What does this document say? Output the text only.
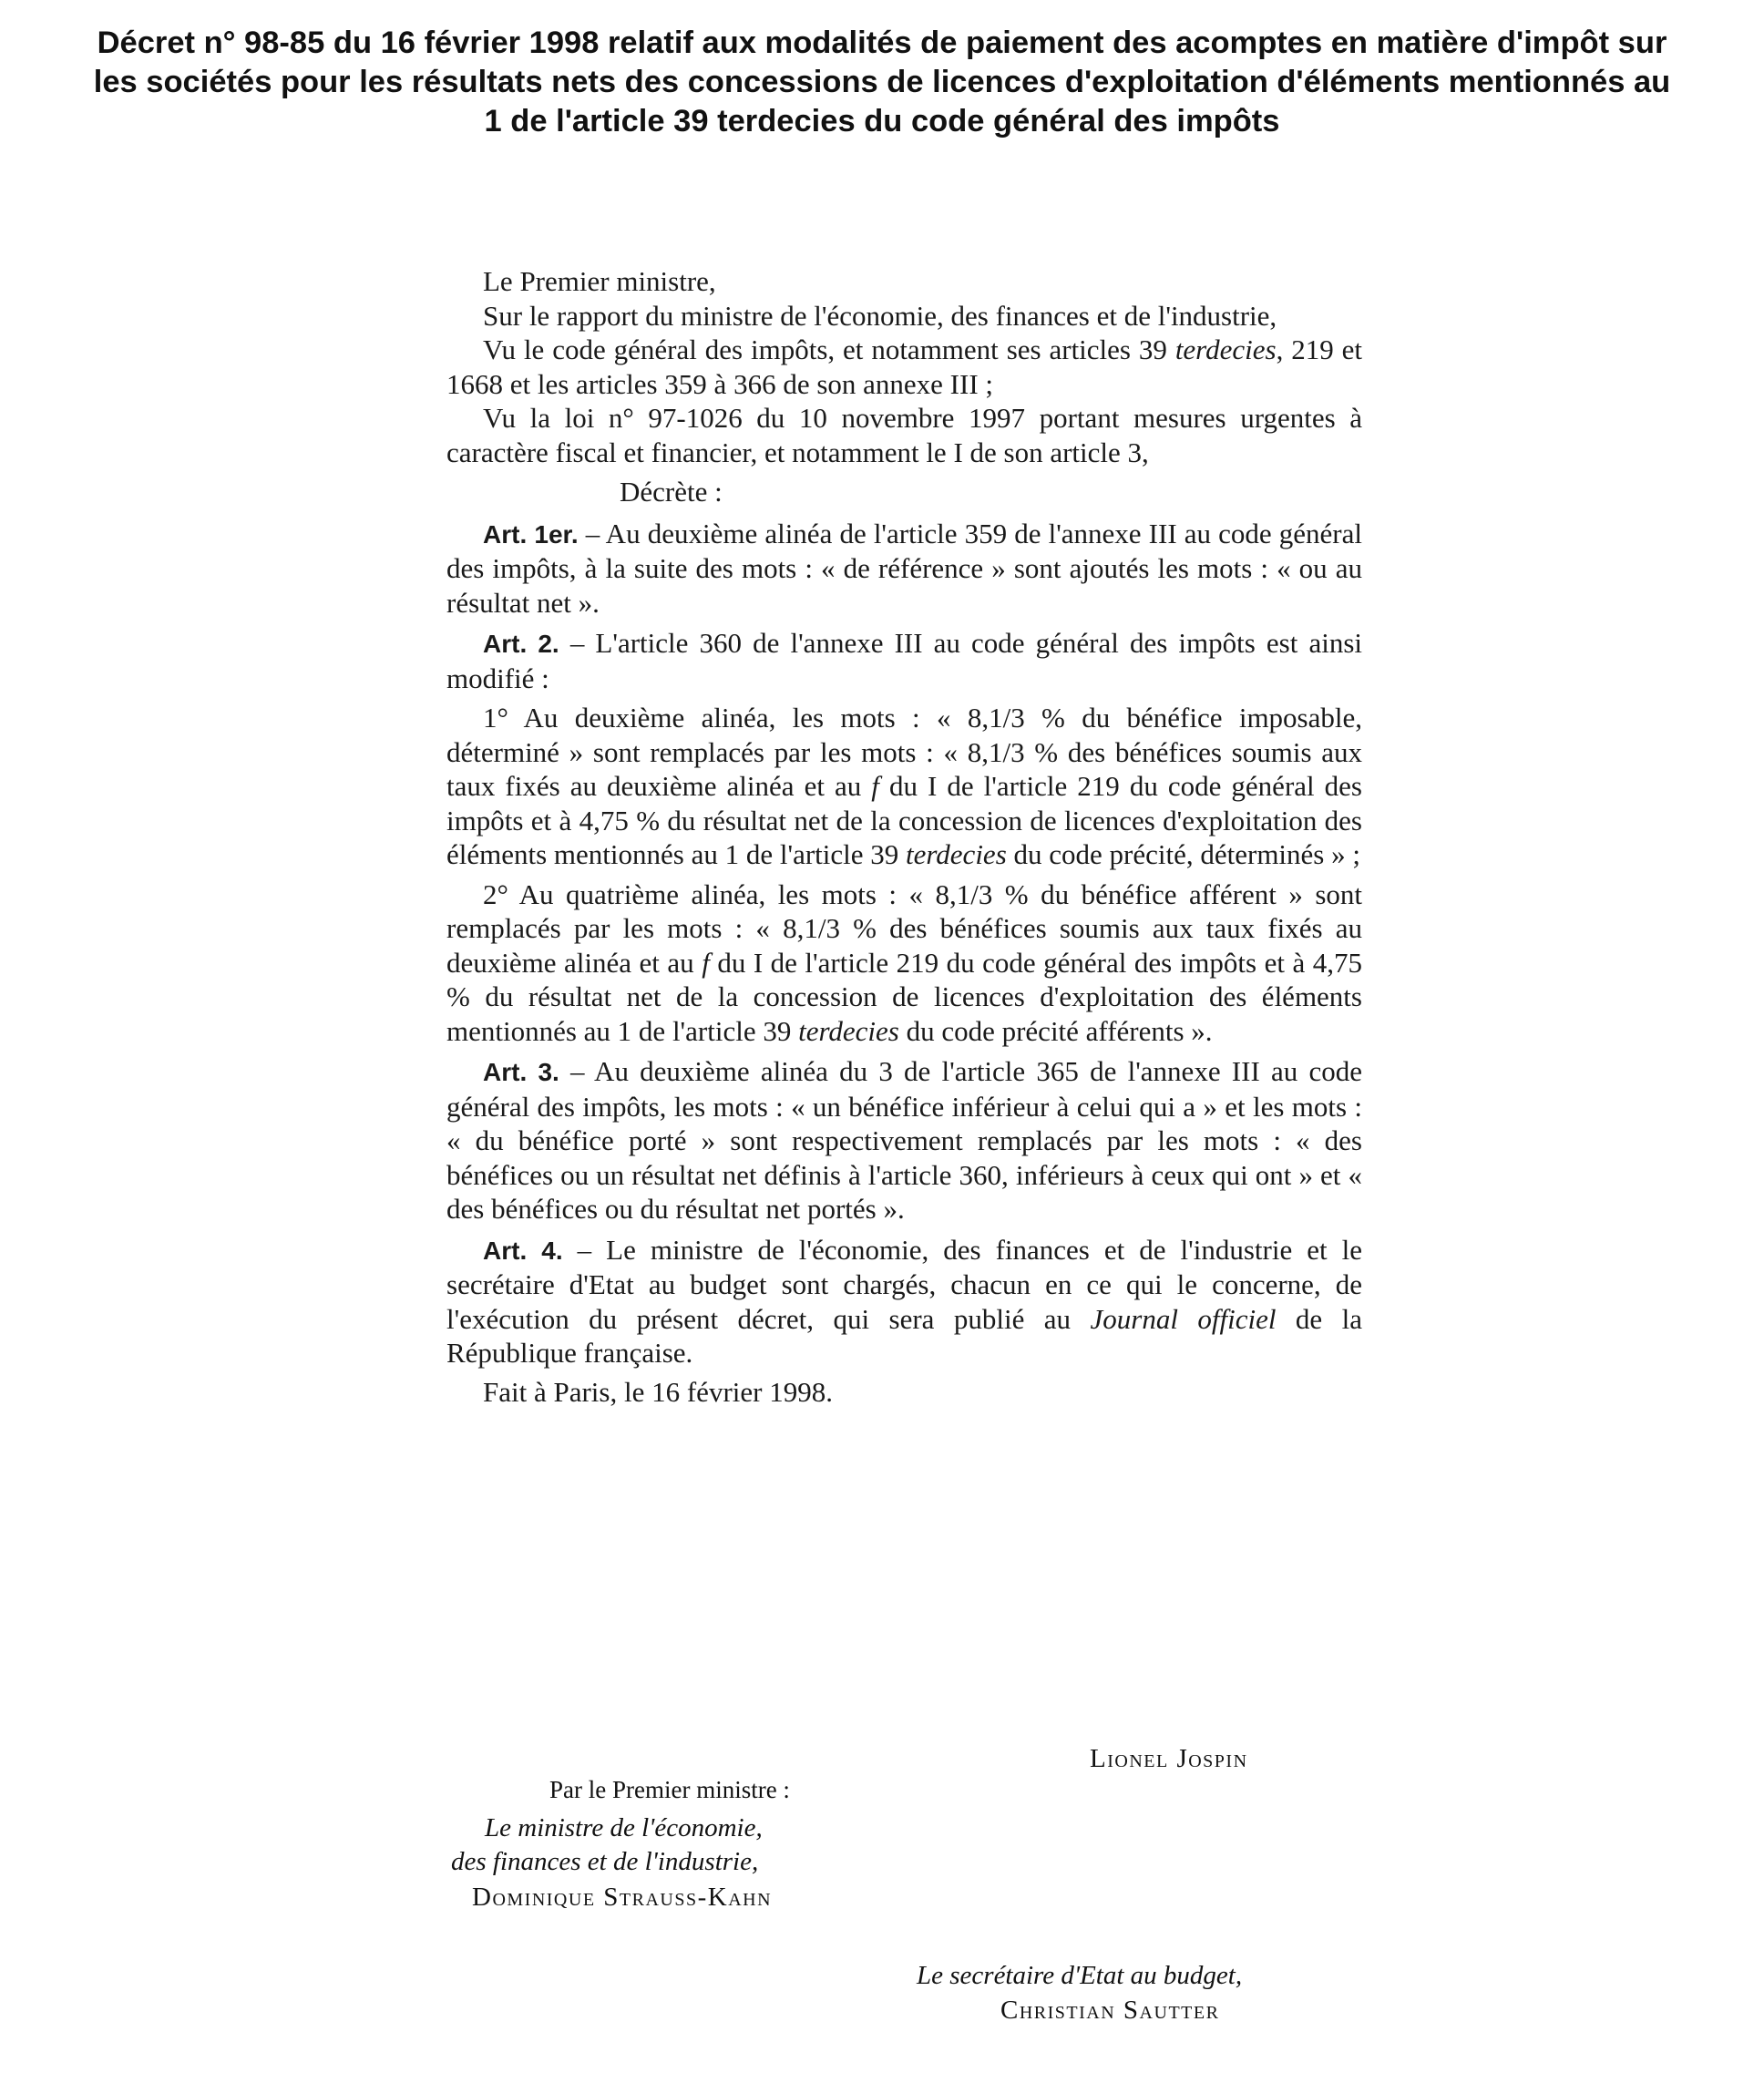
Décret n° 98-85 du 16 février 1998 relatif aux modalités de paiement des acomptes en matière d'impôt sur
les sociétés pour les résultats nets des concessions de licences d'exploitation d'éléments mentionnés au
1 de l'article 39 terdecies du code général des impôts

Le Premier ministre,

Sur le rapport du ministre de l'économie, des finances et de l'industrie,

Vu le code général des impôts, et notamment ses articles 39 terdecies, 219 et 1668 et les articles 359 à 366 de son annexe III ;

Vu la loi n° 97-1026 du 10 novembre 1997 portant mesures urgentes à caractère fiscal et financier, et notamment le I de son article 3,

Décrète :

Art. 1er. – Au deuxième alinéa de l'article 359 de l'annexe III au code général des impôts, à la suite des mots : « de référence » sont ajoutés les mots : « ou au résultat net ».

Art. 2. – L'article 360 de l'annexe III au code général des impôts est ainsi modifié :

1° Au deuxième alinéa, les mots : « 8,1/3 % du bénéfice imposable, déterminé » sont remplacés par les mots : « 8,1/3 % des bénéfices soumis aux taux fixés au deuxième alinéa et au f du I de l'article 219 du code général des impôts et à 4,75 % du résultat net de la concession de licences d'exploitation des éléments mentionnés au 1 de l'article 39 terdecies du code précité, déterminés » ;

2° Au quatrième alinéa, les mots : « 8,1/3 % du bénéfice afférent » sont remplacés par les mots : « 8,1/3 % des bénéfices soumis aux taux fixés au deuxième alinéa et au f du I de l'article 219 du code général des impôts et à 4,75 % du résultat net de la concession de licences d'exploitation des éléments mentionnés au 1 de l'article 39 terdecies du code précité afférents ».

Art. 3. – Au deuxième alinéa du 3 de l'article 365 de l'annexe III au code général des impôts, les mots : « un bénéfice inférieur à celui qui a » et les mots : « du bénéfice porté » sont respectivement remplacés par les mots : « des bénéfices ou un résultat net définis à l'article 360, inférieurs à ceux qui ont » et « des bénéfices ou du résultat net portés ».

Art. 4. – Le ministre de l'économie, des finances et de l'industrie et le secrétaire d'Etat au budget sont chargés, chacun en ce qui le concerne, de l'exécution du présent décret, qui sera publié au Journal officiel de la République française.

Fait à Paris, le 16 février 1998.

Lionel Jospin
Par le Premier ministre :
Le ministre de l'économie,
des finances et de l'industrie,
Dominique Strauss-Kahn
Le secrétaire d'Etat au budget,
Christian Sautter
